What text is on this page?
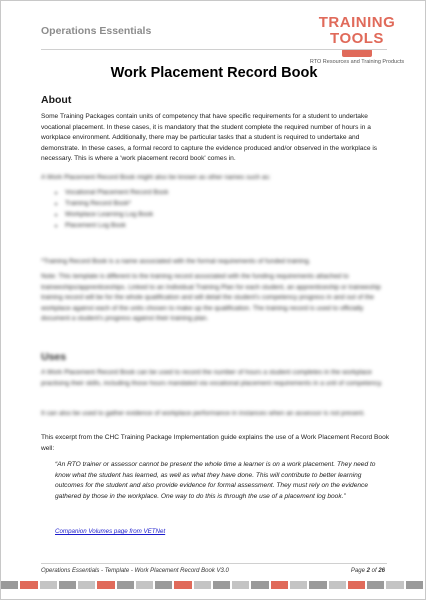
Operations Essentials	TRAINING TOOLS
RTO Resources and Training Products
Work Placement Record Book
About

Some Training Packages contain units of competency that have specific requirements for a student to undertake vocational placement. In these cases, it is mandatory that the student complete the required number of hours in a workplace environment. Additionally, there may be particular tasks that a student is required to undertake and demonstrate. In these cases, a formal record to capture the evidence produced and/or observed in the workplace is necessary. This is where a 'work placement record book' comes in.

A Work Placement Record Book might also be known as other names such as:

• Vocational Placement Record Book
• Training Record Book*
• Workplace Learning Log Book
• Placement Log Book

*Training Record Book is a name associated with the formal requirements of funded training.

Note: This template is different to the training record associated with the funding requirements attached to traineeships/apprenticeships. Linked to an Individual Training Plan for each student, an apprenticeship or traineeship training record will be for the whole qualification and will detail the student's competency progress in and out of the workplace against each of the units chosen to make up the qualification. The training record is used to officially document a student's progress against their training plan.

Uses

A Work Placement Record Book can be used to record the number of hours a student completes in the workplace practising their skills, including those hours mandated via vocational placement requirements in a unit of competency.

It can also be used to gather evidence of workplace performance in instances when an assessor is not present.

This excerpt from the CHC Training Package Implementation guide explains the use of a Work Placement Record Book well:

“An RTO trainer or assessor cannot be present the whole time a learner is on a work placement. They need to know what the student has learned, as well as what they have done. This will contribute to better learning outcomes for the student and also provide evidence for formal assessment. They must rely on the evidence gathered by those in the workplace. One way to do this is through the use of a placement log book.”

Companion Volumes page from VETNet
Operations Essentials - Template - Work Placement Record Book V3.0	Page 2 of 26
